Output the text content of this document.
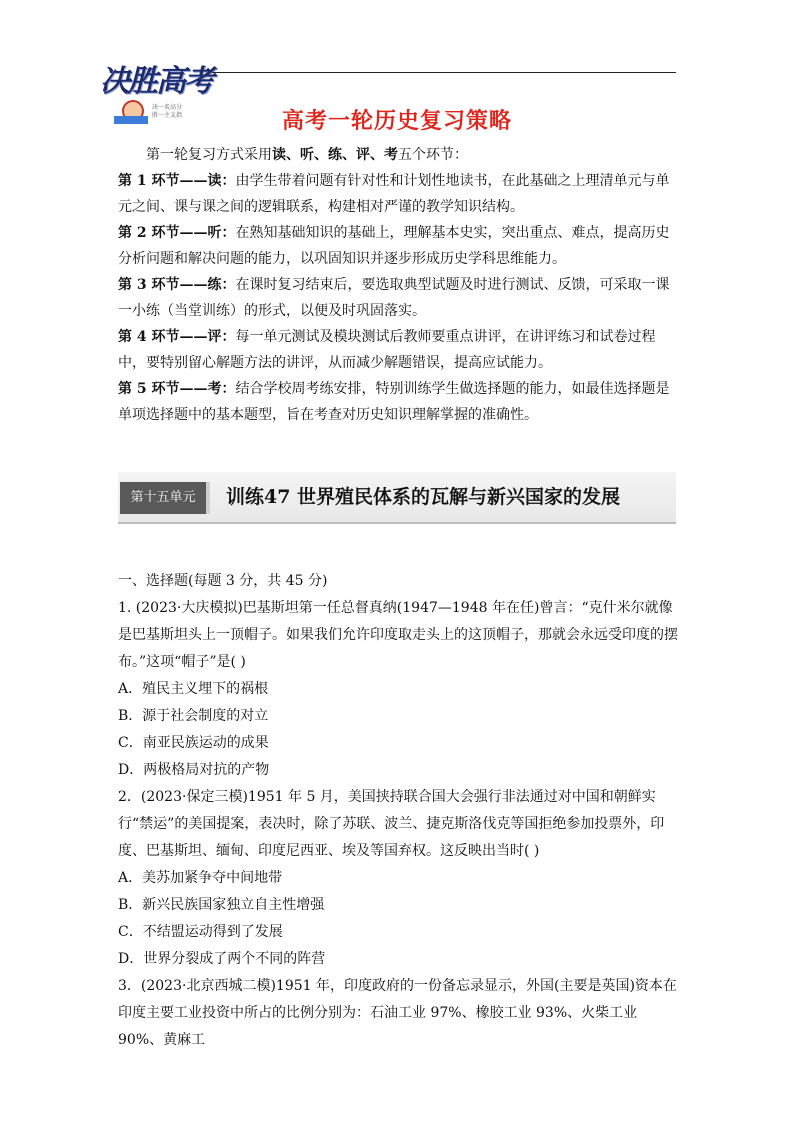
决胜高考
决一炙高分
胜一主支指	高考一轮历史复习策略
第一轮复习方式采用读、听、练、评、考五个环节：

第 1 环节——读：由学生带着问题有针对性和计划性地读书，在此基础之上理清单元与单元之间、课与课之间的逻辑联系，构建相对严谨的教学知识结构。

第 2 环节——听：在熟知基础知识的基础上，理解基本史实，突出重点、难点，提高历史分析问题和解决问题的能力，以巩固知识并逐步形成历史学科思维能力。

第 3 环节——练：在课时复习结束后，要选取典型试题及时进行测试、反馈，可采取一课一小练（当堂训练）的形式，以便及时巩固落实。

第 4 环节——评：每一单元测试及模块测试后教师要重点讲评，在讲评练习和试卷过程中，要特别留心解题方法的讲评，从而减少解题错误，提高应试能力。

第 5 环节——考：结合学校周考练安排，特别训练学生做选择题的能力，如最佳选择题是单项选择题中的基本题型，旨在考查对历史知识理解掌握的准确性。

第十五单元	训练47 世界殖民体系的瓦解与新兴国家的发展

一、选择题(每题 3 分，共 45 分)

1. (2023·大庆模拟)巴基斯坦第一任总督真纳(1947—1948 年在任)曾言：“克什米尔就像是巴基斯坦头上一顶帽子。如果我们允许印度取走头上的这顶帽子，那就会永远受印度的摆布。”这项“帽子”是( )

A．殖民主义埋下的祸根

B．源于社会制度的对立

C．南亚民族运动的成果

D．两极格局对抗的产物

2．(2023·保定三模)1951 年 5 月，美国挟持联合国大会强行非法通过对中国和朝鲜实行“禁运”的美国提案，表决时，除了苏联、波兰、捷克斯洛伐克等国拒绝参加投票外，印度、巴基斯坦、缅甸、印度尼西亚、埃及等国弃权。这反映出当时( )

A．美苏加紧争夺中间地带

B．新兴民族国家独立自主性增强

C．不结盟运动得到了发展

D．世界分裂成了两个不同的阵营

3．(2023·北京西城二模)1951 年，印度政府的一份备忘录显示，外国(主要是英国)资本在印度主要工业投资中所占的比例分别为：石油工业 97%、橡胶工业 93%、火柴工业 90%、黄麻工
